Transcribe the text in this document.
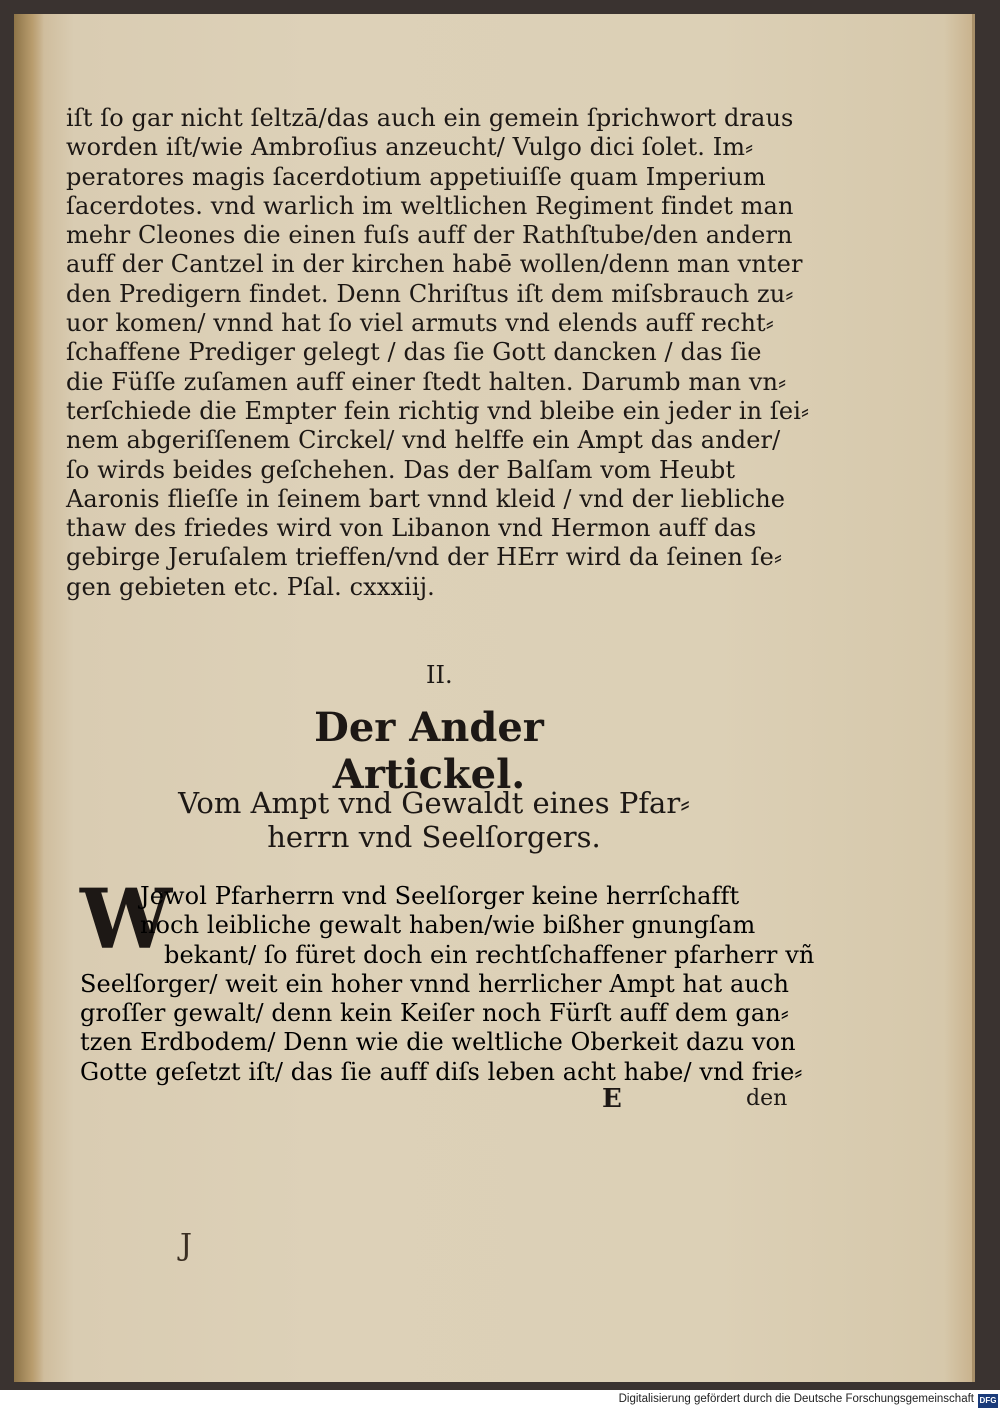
iſt ſo gar nicht ſeltzā/das auch ein gemein ſprichwort draus
worden iſt/wie Ambroſius anzeucht/ Vulgo dici ſolet. Im⸗
peratores magis ſacerdotium appetiuiſſe quam Imperium
ſacerdotes. vnd warlich im weltlichen Regiment findet man
mehr Cleones die einen fuſs auff der Rathſtube/den andern
auff der Cantzel in der kirchen habē wollen/denn man vnter
den Predigern findet. Denn Chriſtus iſt dem miſsbrauch zu⸗
uor komen/ vnnd hat ſo viel armuts vnd elends auff recht⸗
ſchaffene Prediger gelegt / das ſie Gott dancken / das ſie
die Füſſe zuſamen auff einer ſtedt halten. Darumb man vn⸗
terſchiede die Empter fein richtig vnd bleibe ein jeder in ſei⸗
nem abgeriſſenem Circkel/ vnd helffe ein Ampt das ander/
ſo wirds beides geſchehen. Das der Balſam vom Heubt
Aaronis flieſſe in ſeinem bart vnnd kleid / vnd der liebliche
thaw des friedes wird von Libanon vnd Hermon auff das
gebirge Jeruſalem trieffen/vnd der HErr wird da ſeinen ſe⸗
gen gebieten etc. Pſal. cxxxiij.
II.
Der Ander Artickel.
Vom Ampt vnd Gewaldt eines Pfar⸗
herrn vnd Seelſorgers.
W
Jewol Pfarherrn vnd Seelſorger keine herrſchafft
noch leibliche gewalt haben/wie bißher gnungſam
bekant/ ſo füret doch ein rechtſchaffener pfarherr vñ
Seelſorger/ weit ein hoher vnnd herrlicher Ampt hat auch
groſſer gewalt/ denn kein Keiſer noch Fürſt auff dem gan⸗
tzen Erdbodem/ Denn wie die weltliche Oberkeit dazu von
Gotte geſetzt iſt/ das ſie auff diſs leben acht habe/ vnd frie⸗
E	den
J
Digitalisierung gefördert durch die Deutsche Forschungsgemeinschaft DFG
